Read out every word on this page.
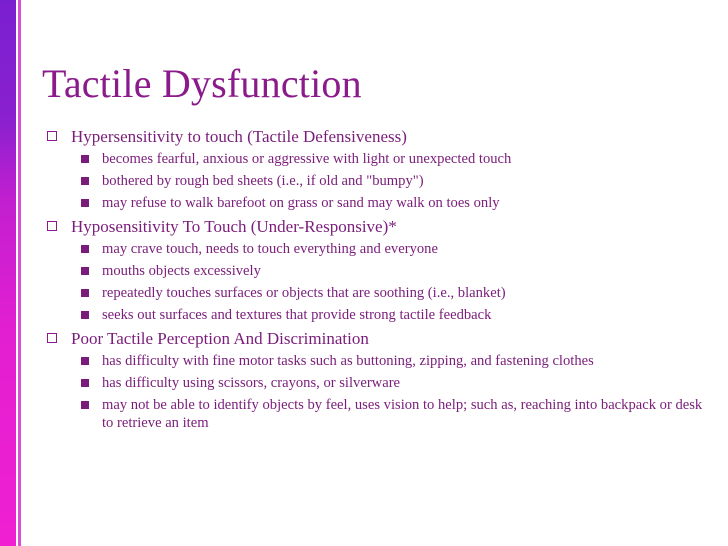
Tactile Dysfunction
Hypersensitivity to touch (Tactile Defensiveness)
becomes fearful, anxious or aggressive with light or unexpected touch
bothered by rough bed sheets (i.e., if old and "bumpy")
may refuse to walk barefoot on grass or sand may walk on toes only
Hyposensitivity To Touch (Under-Responsive)*
may crave touch, needs to touch everything and everyone
mouths objects excessively
repeatedly touches surfaces or objects that are soothing (i.e., blanket)
seeks out surfaces and textures that provide strong tactile feedback
Poor Tactile Perception And Discrimination
has difficulty with fine motor tasks such as buttoning, zipping, and fastening clothes
has difficulty using scissors, crayons, or silverware
may not be able to identify objects by feel, uses vision to help; such as, reaching into backpack or desk to retrieve an item
